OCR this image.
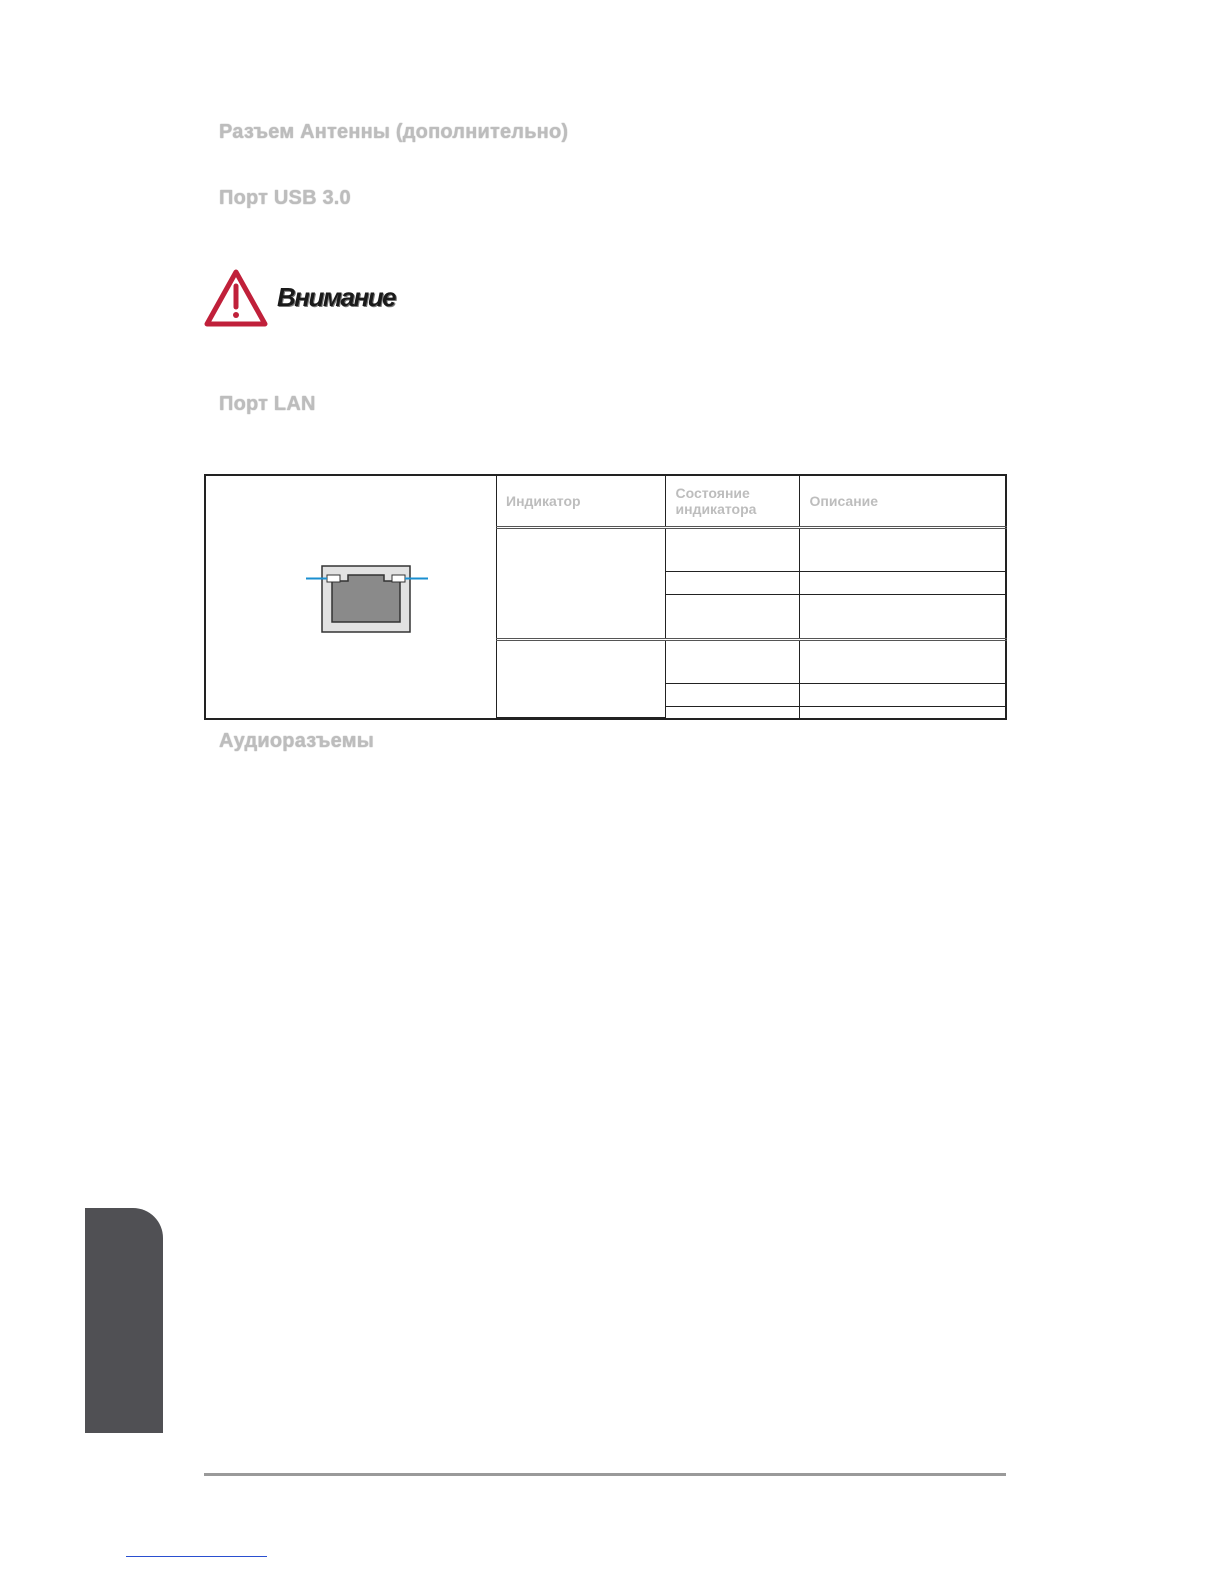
Разъем Антенны (дополнительно)
Порт USB 3.0
Внимание
Порт LAN
Индикатор	Состояние индикатора	Описание

Аудиоразъемы
